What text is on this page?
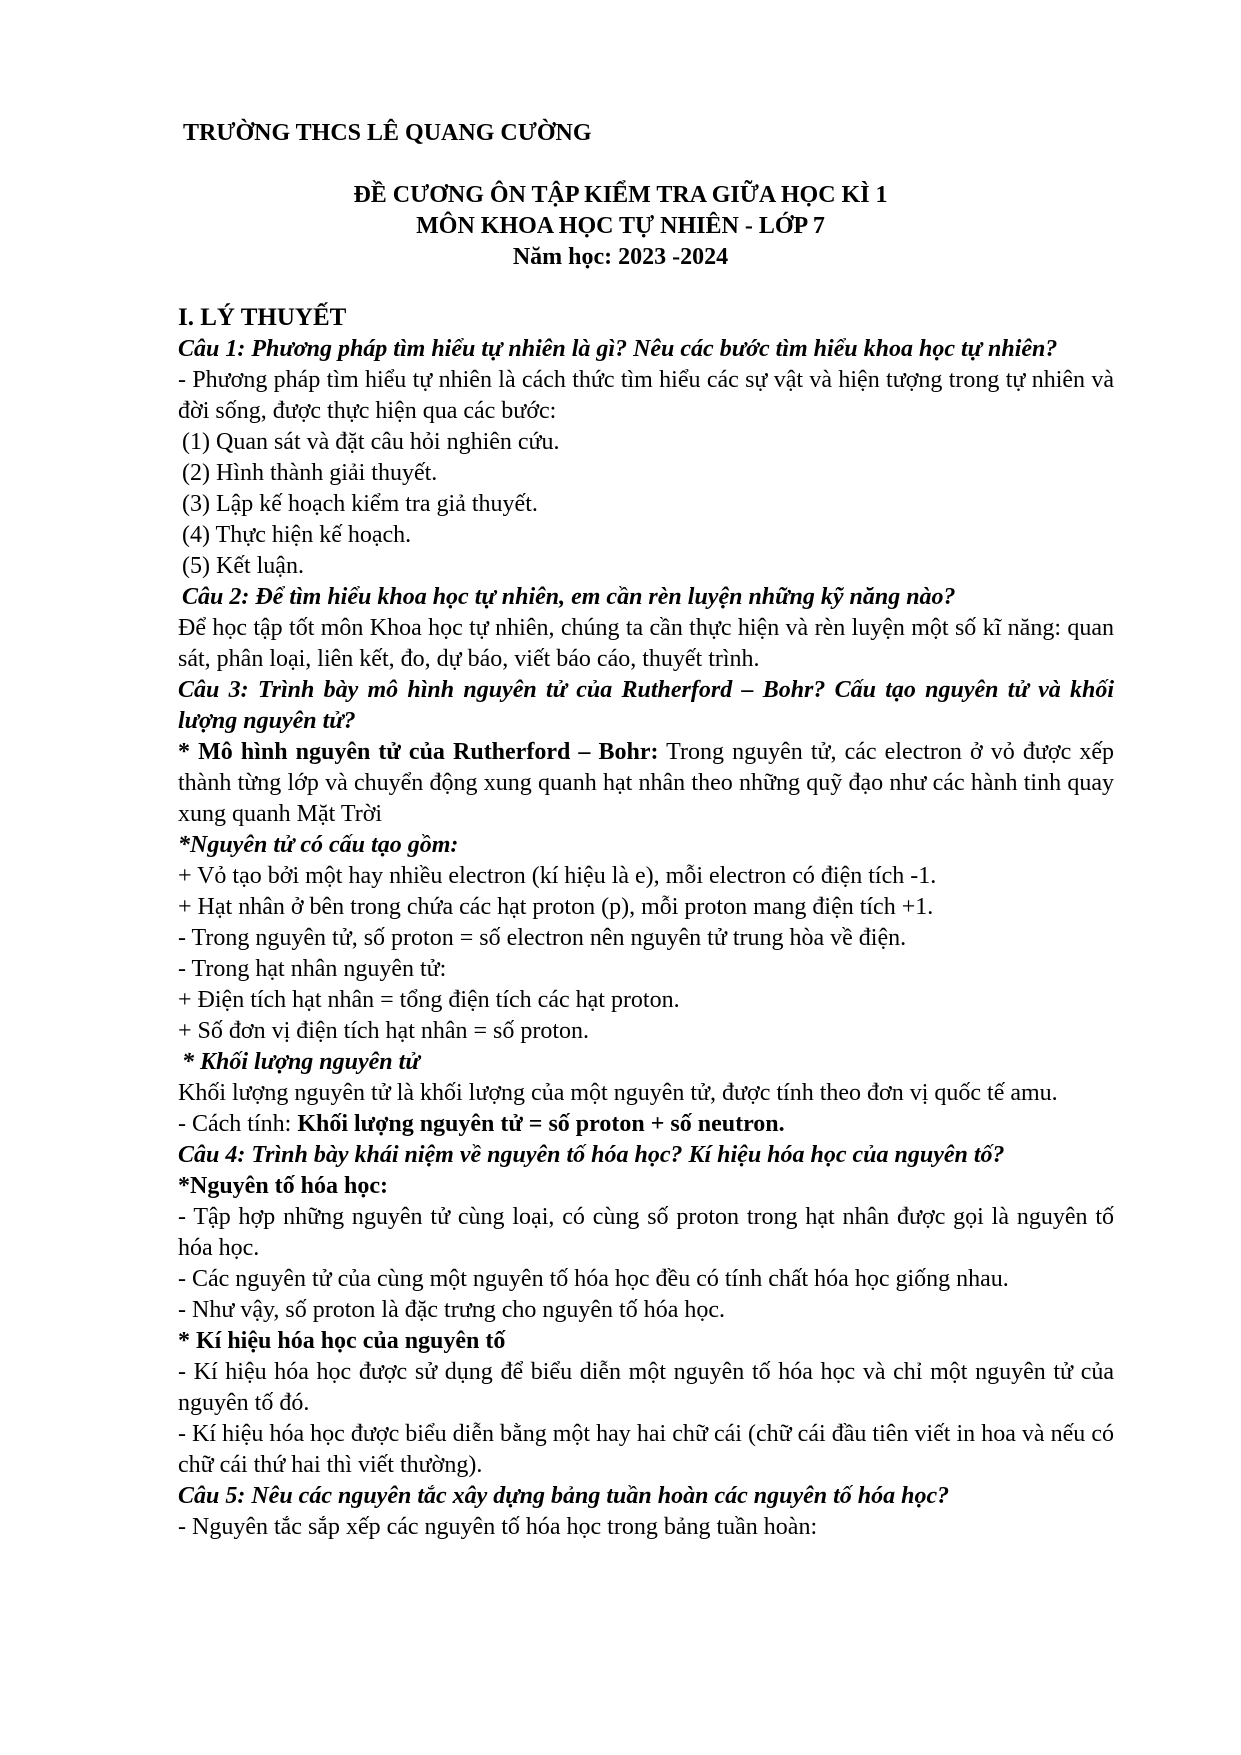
TRƯỜNG THCS LÊ QUANG CƯỜNG
ĐỀ CƯƠNG ÔN TẬP KIỂM TRA GIỮA HỌC KÌ 1
MÔN KHOA HỌC TỰ NHIÊN - LỚP 7
Năm học: 2023 -2024
I. LÝ THUYẾT
Câu 1: Phương pháp tìm hiểu tự nhiên là gì? Nêu các bước tìm hiểu khoa học tự nhiên?

- Phương pháp tìm hiểu tự nhiên là cách thức tìm hiểu các sự vật và hiện tượng trong tự nhiên và đời sống, được thực hiện qua các bước:

(1) Quan sát và đặt câu hỏi nghiên cứu.

(2) Hình thành giải thuyết.

(3) Lập kế hoạch kiểm tra giả thuyết.

(4) Thực hiện kế hoạch.

(5) Kết luận.

Câu 2: Để tìm hiểu khoa học tự nhiên, em cần rèn luyện những kỹ năng nào?

Để học tập tốt môn Khoa học tự nhiên, chúng ta cần thực hiện và rèn luyện một số kĩ năng: quan sát, phân loại, liên kết, đo, dự báo, viết báo cáo, thuyết trình.

Câu 3: Trình bày mô hình nguyên tử của Rutherford – Bohr? Cấu tạo nguyên tử và khối lượng nguyên tử?

* Mô hình nguyên tử của Rutherford – Bohr: Trong nguyên tử, các electron ở vỏ được xếp thành từng lớp và chuyển động xung quanh hạt nhân theo những quỹ đạo như các hành tinh quay xung quanh Mặt Trời

*Nguyên tử có cấu tạo gồm:

+ Vỏ tạo bởi một hay nhiều electron (kí hiệu là e), mỗi electron có điện tích -1.

+ Hạt nhân ở bên trong chứa các hạt proton (p), mỗi proton mang điện tích +1.

- Trong nguyên tử, số proton = số electron nên nguyên tử trung hòa về điện.

- Trong hạt nhân nguyên tử:

+ Điện tích hạt nhân = tổng điện tích các hạt proton.

+ Số đơn vị điện tích hạt nhân = số proton.

* Khối lượng nguyên tử

Khối lượng nguyên tử là khối lượng của một nguyên tử, được tính theo đơn vị quốc tế amu.

- Cách tính: Khối lượng nguyên tử = số proton + số neutron.

Câu 4: Trình bày khái niệm về nguyên tố hóa học? Kí hiệu hóa học của nguyên tố?
*Nguyên tố hóa học:

- Tập hợp những nguyên tử cùng loại, có cùng số proton trong hạt nhân được gọi là nguyên tố hóa học.

- Các nguyên tử của cùng một nguyên tố hóa học đều có tính chất hóa học giống nhau.

- Như vậy, số proton là đặc trưng cho nguyên tố hóa học.

* Kí hiệu hóa học của nguyên tố

- Kí hiệu hóa học được sử dụng để biểu diễn một nguyên tố hóa học và chỉ một nguyên tử của nguyên tố đó.

- Kí hiệu hóa học được biểu diễn bằng một hay hai chữ cái (chữ cái đầu tiên viết in hoa và nếu có chữ cái thứ hai thì viết thường).

Câu 5: Nêu các nguyên tắc xây dựng bảng tuần hoàn các nguyên tố hóa học?

- Nguyên tắc sắp xếp các nguyên tố hóa học trong bảng tuần hoàn:
